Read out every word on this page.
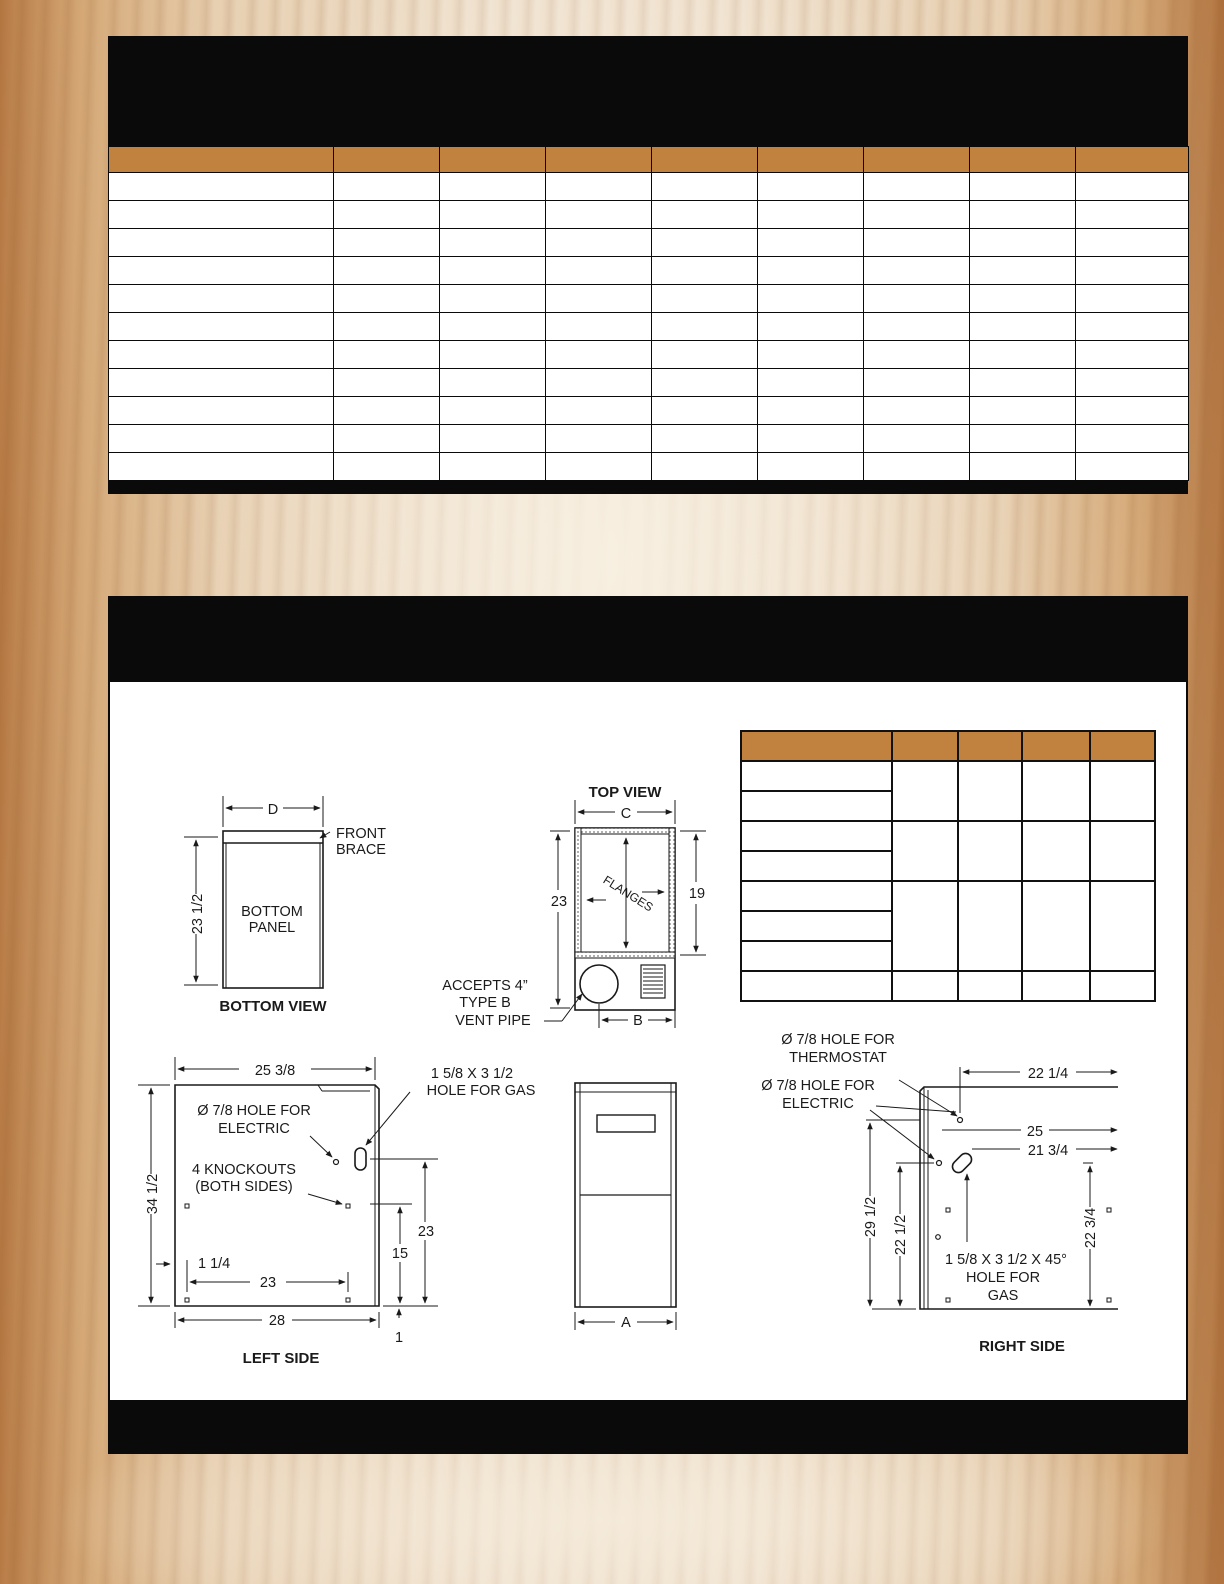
D
FRONT
BRACE
23 1/2 BOTTOM
PANEL
BOTTOM VIEW
TOP VIEW
C
23	19
FLANGES
ACCEPTS 4”
TYPE B
VENT PIPE	B
25 3/8	1 5/8 X 3 1/2
HOLE FOR GAS
Ø 7/8 HOLE FOR
ELECTRIC
4 KNOCKOUTS
(BOTH SIDES)
34 1/2
1 1/4
23
15
23
28
1
LEFT SIDE
A
Ø 7/8 HOLE FOR
THERMOSTAT
Ø 7/8 HOLE FOR
ELECTRIC
22 1/4
25
21 3/4
29 1/2 22 1/2	22 3/4
1 5/8 X 3 1/2 X 45°
HOLE FOR
GAS
RIGHT SIDE
